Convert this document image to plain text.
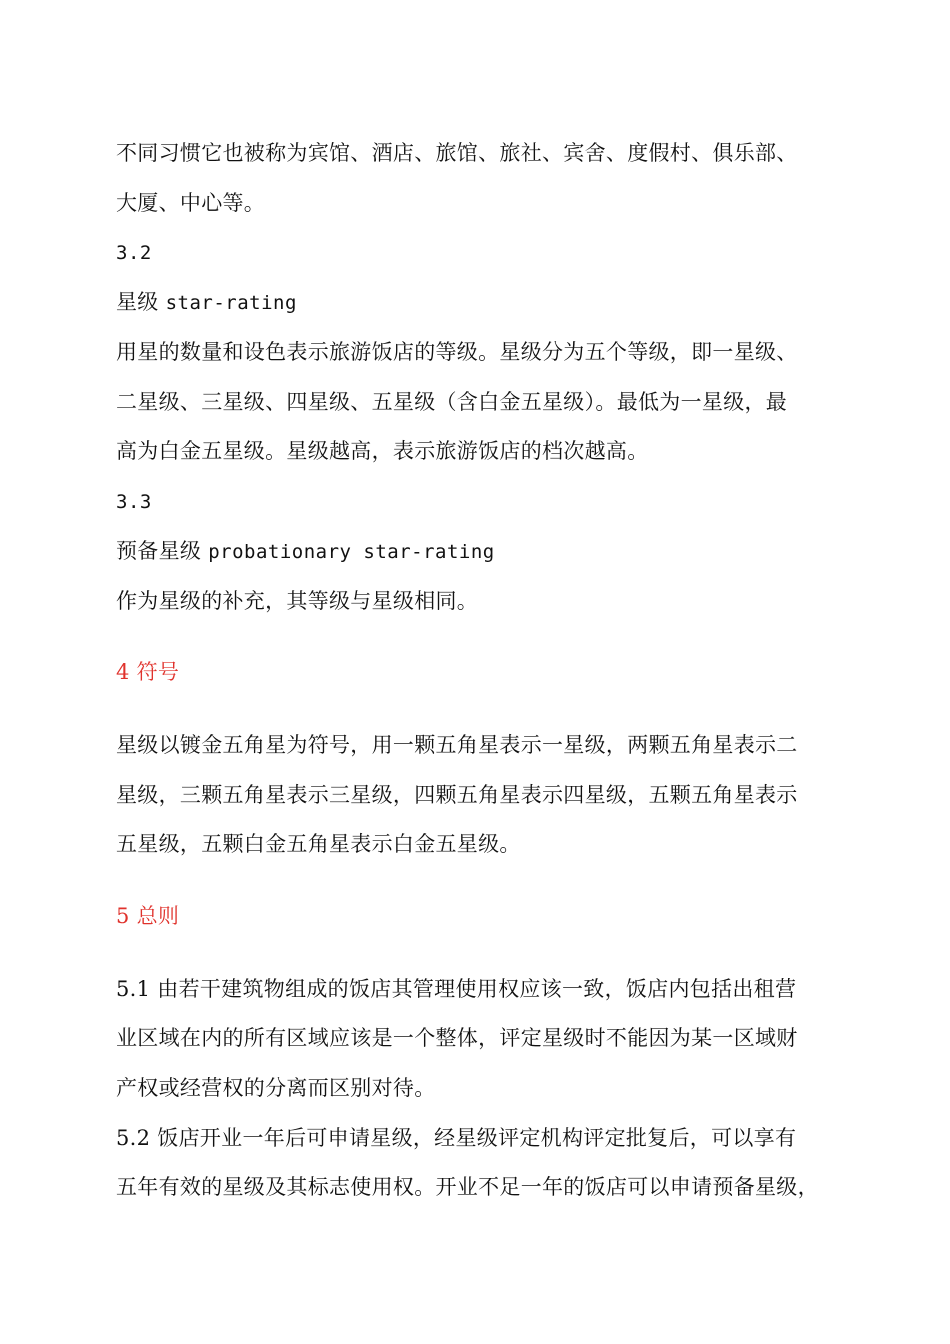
不同习惯它也被称为宾馆、酒店、旅馆、旅社、宾舍、度假村、俱乐部、
大厦、中心等。
3.2
星级 star-rating
用星的数量和设色表示旅游饭店的等级。星级分为五个等级，即一星级、
二星级、三星级、四星级、五星级（含白金五星级）。最低为一星级，最
高为白金五星级。星级越高，表示旅游饭店的档次越高。
3.3
预备星级 probationary star-rating
作为星级的补充，其等级与星级相同。
4 符号
星级以镀金五角星为符号，用一颗五角星表示一星级，两颗五角星表示二
星级，三颗五角星表示三星级，四颗五角星表示四星级，五颗五角星表示
五星级，五颗白金五角星表示白金五星级。
5 总则
5.1 由若干建筑物组成的饭店其管理使用权应该一致，饭店内包括出租营
业区域在内的所有区域应该是一个整体，评定星级时不能因为某一区域财
产权或经营权的分离而区别对待。
5.2 饭店开业一年后可申请星级，经星级评定机构评定批复后，可以享有
五年有效的星级及其标志使用权。开业不足一年的饭店可以申请预备星级，
